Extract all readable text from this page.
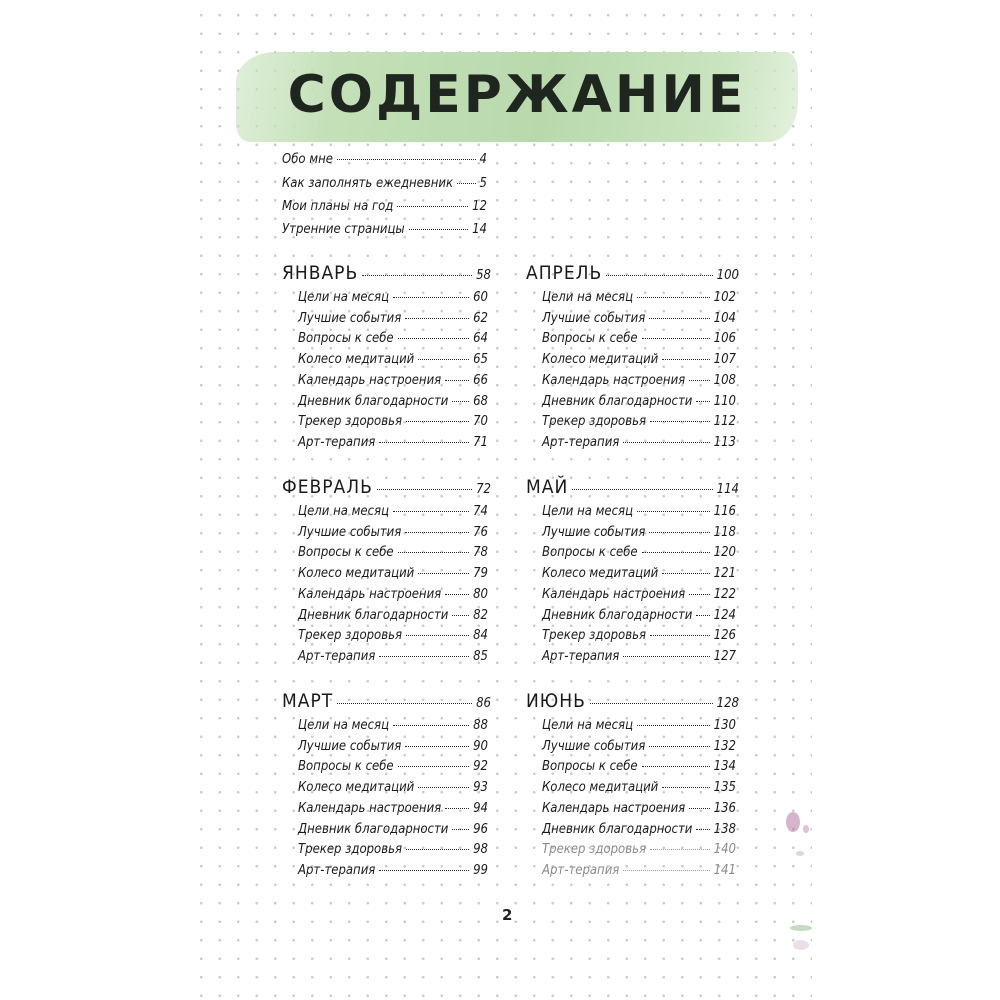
СОДЕРЖАНИЕ
Обо мне	4
Как заполнять ежедневник 5
Мои планы на год	12
Утренние страницы	14
ЯНВАРЬ	58
Цели на месяц	60
Лучшие события	62
Вопросы к себе	64
Колесо медитаций	65
Календарь настроения 66
Дневник благодарности 68
Трекер здоровья	70
Арт-терапия	71
ФЕВРАЛЬ	72
Цели на месяц	74
Лучшие события	76
Вопросы к себе	78
Колесо медитаций	79
Календарь настроения 80
Дневник благодарности 82
Трекер здоровья	84
Арт-терапия	85
МАРТ	86
Цели на месяц	88
Лучшие события	90
Вопросы к себе	92
Колесо медитаций	93
Календарь настроения 94
Дневник благодарности 96
Трекер здоровья	98
Арт-терапия	99
АПРЕЛЬ	100
Цели на месяц	102
Лучшие события	104
Вопросы к себе	106
Колесо медитаций	107
Календарь настроения 108
Дневник благодарности 110
Трекер здоровья	112
Арт-терапия	113
МАЙ	114
Цели на месяц	116
Лучшие события	118
Вопросы к себе	120
Колесо медитаций	121
Календарь настроения 122
Дневник благодарности 124
Трекер здоровья	126
Арт-терапия	127
ИЮНЬ	128
Цели на месяц	130
Лучшие события	132
Вопросы к себе	134
Колесо медитаций	135
Календарь настроения 136
Дневник благодарности 138
Трекер здоровья	140
Арт-терапия	141
2
